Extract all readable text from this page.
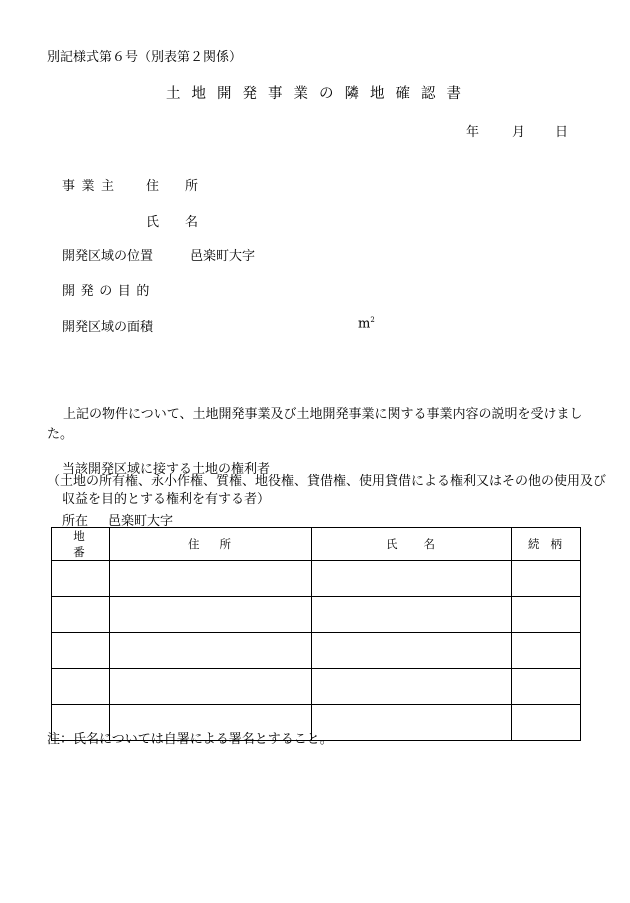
別記様式第６号（別表第２関係）
土地開発事業の隣地確認書
年	月 日
事業主 住所
氏名
開発区域の位置	邑楽町大字
開発の目的
開発区域の面積	$m^2$
上記の物件について、土地開発事業及び土地開発事業に関する事業内容の説明を受けました。
当該開発区域に接する土地の権利者
（土地の所有権、永小作権、質権、地役権、貸借権、使用貸借による権利又はその他の使用及び収益を目的とする権利を有する者）
所在 邑楽町大字
地番	住所	氏名	続柄

注：氏名については自署による署名とすること。
